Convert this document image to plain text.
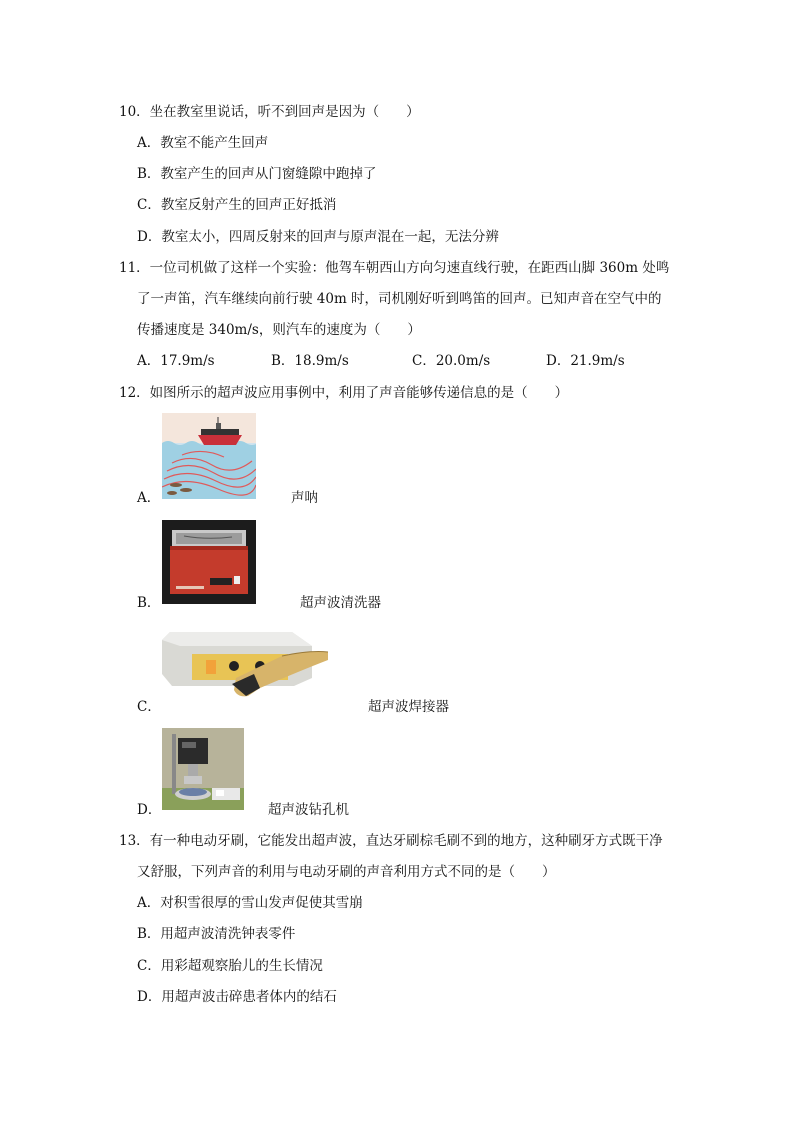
10．坐在教室里说话，听不到回声是因为（　　）
A．教室不能产生回声
B．教室产生的回声从门窗缝隙中跑掉了
C．教室反射产生的回声正好抵消
D．教室太小，四周反射来的回声与原声混在一起，无法分辨
11．一位司机做了这样一个实验：他驾车朝西山方向匀速直线行驶，在距西山脚 360m 处鸣
了一声笛，汽车继续向前行驶 40m 时，司机刚好听到鸣笛的回声。已知声音在空气中的
传播速度是 340m/s，则汽车的速度为（　　）
A．17.9m/s	B．18.9m/s	C．20.0m/s	D．21.9m/s
12．如图所示的超声波应用事例中，利用了声音能够传递信息的是（　　）
A．	声呐
B．	超声波清洗器
C．	超声波焊接器
D．	超声波钻孔机
13．有一种电动牙刷，它能发出超声波，直达牙刷棕毛刷不到的地方，这种刷牙方式既干净
又舒服，下列声音的利用与电动牙刷的声音利用方式不同的是（　　）
A．对积雪很厚的雪山发声促使其雪崩
B．用超声波清洗钟表零件
C．用彩超观察胎儿的生长情况
D．用超声波击碎患者体内的结石
